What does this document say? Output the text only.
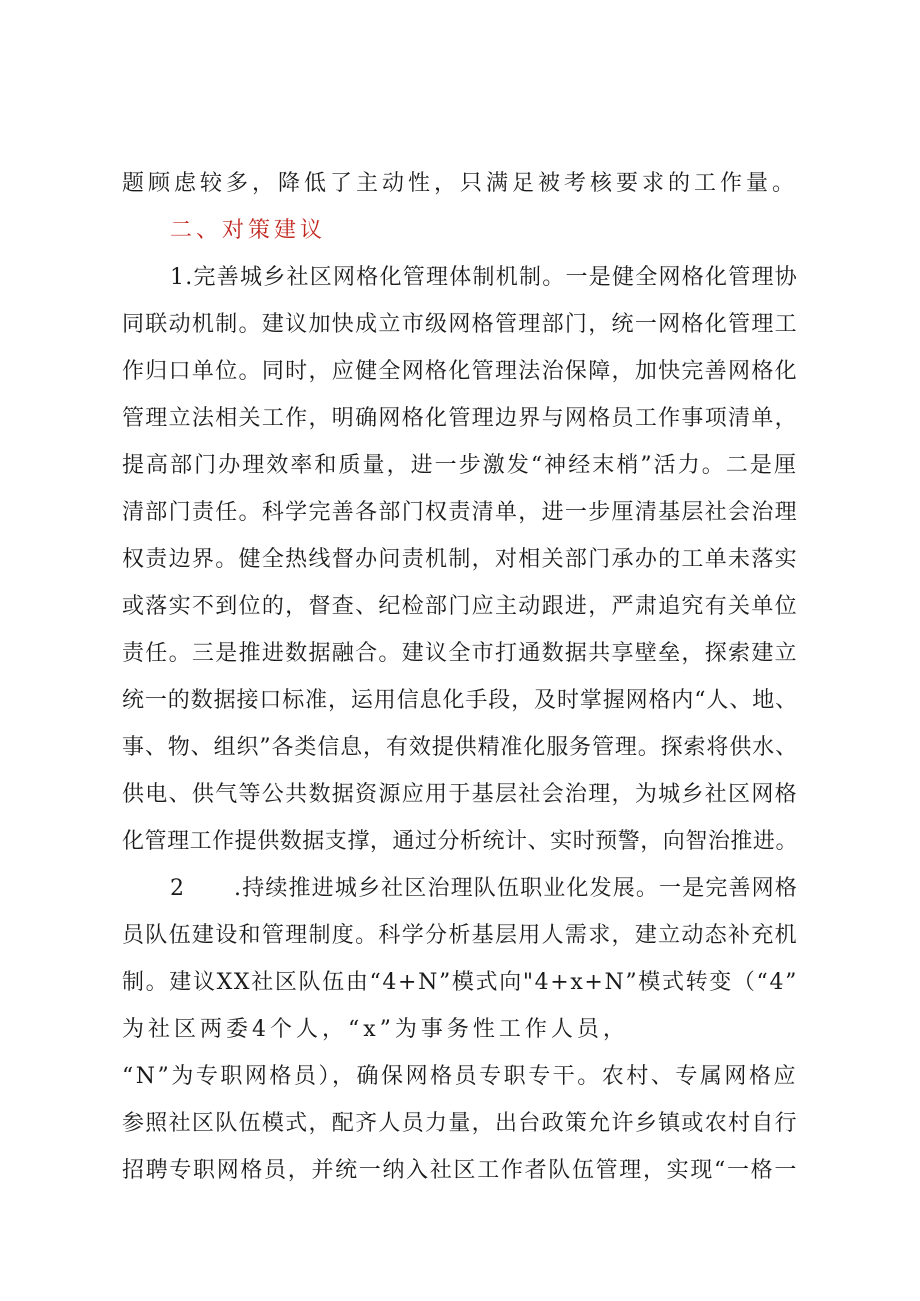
题顾虑较多，降低了主动性，只满足被考核要求的工作量。

二、对策建议

1.完善城乡社区网格化管理体制机制。一是健全网格化管理协

同联动机制。建议加快成立市级网格管理部门，统一网格化管理工

作归口单位。同时，应健全网格化管理法治保障，加快完善网格化

管理立法相关工作，明确网格化管理边界与网格员工作事项清单，

提高部门办理效率和质量，进一步激发“神经末梢”活力。二是厘

清部门责任。科学完善各部门权责清单，进一步厘清基层社会治理

权责边界。健全热线督办问责机制，对相关部门承办的工单未落实

或落实不到位的，督查、纪检部门应主动跟进，严肃追究有关单位

责任。三是推进数据融合。建议全市打通数据共享壁垒，探索建立

统一的数据接口标准，运用信息化手段，及时掌握网格内“人、地、

事、物、组织”各类信息，有效提供精准化服务管理。探索将供水、

供电、供气等公共数据资源应用于基层社会治理，为城乡社区网格

化管理工作提供数据支撑，通过分析统计、实时预警，向智治推进。

2      .持续推进城乡社区治理队伍职业化发展。一是完善网格

员队伍建设和管理制度。科学分析基层用人需求，建立动态补充机

制。建议XX社区队伍由“4+N”模式向"4+x+N”模式转变（“4”

为社区两委4个人，“x”为事务性工作人员，

“N”为专职网格员），确保网格员专职专干。农村、专属网格应

参照社区队伍模式，配齐人员力量，出台政策允许乡镇或农村自行

招聘专职网格员，并统一纳入社区工作者队伍管理，实现“一格一
